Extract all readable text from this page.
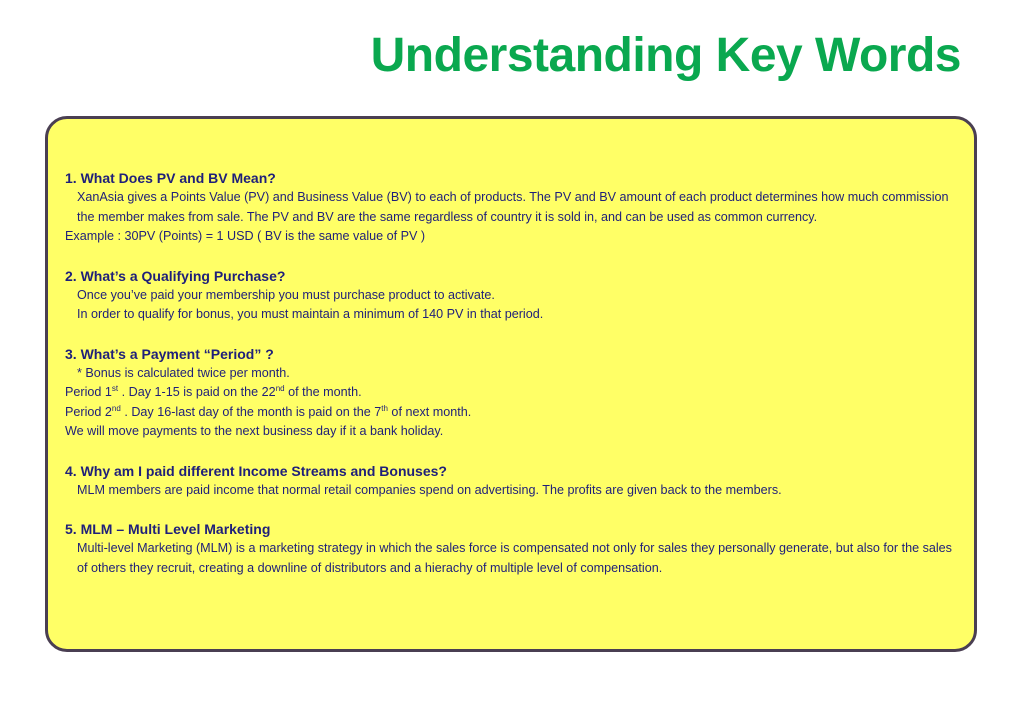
Understanding Key Words

1. What Does PV and BV Mean?

XanAsia gives a Points Value (PV) and Business Value (BV) to each of products. The PV and BV amount of each product determines how much commission the member makes from sale. The PV and BV are the same regardless of country it is sold in, and can be used as common currency.

Example : 30PV (Points) = 1 USD ( BV is the same value of PV )

2. What’s a Qualifying Purchase?

Once you’ve paid your membership you must purchase product to activate.

In order to qualify for bonus, you must maintain a minimum of 140 PV in that period.

3. What’s a Payment “Period” ?

* Bonus is calculated twice per month.

Period 1st . Day 1-15 is paid on the 22nd of the month.

Period 2nd . Day 16-last day of the month is paid on the 7th of next month.

We will move payments to the next business day if it a bank holiday.

4. Why am I paid different Income Streams and Bonuses?

MLM members are paid income that normal retail companies spend on advertising. The profits are given back to the members.

5. MLM – Multi Level Marketing

Multi-level Marketing (MLM) is a marketing strategy in which the sales force is compensated not only for sales they personally generate, but also for the sales of others they recruit, creating a downline of distributors and a hierachy of multiple level of compensation.
